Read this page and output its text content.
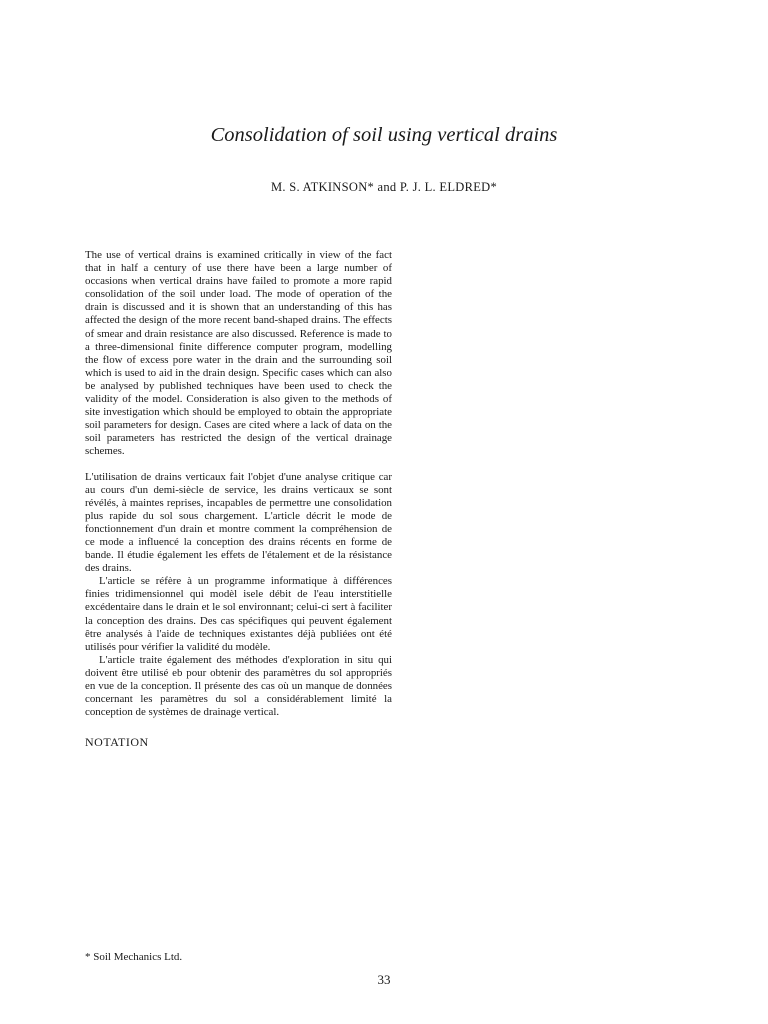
Consolidation of soil using vertical drains
M. S. ATKINSON* and P. J. L. ELDRED*

The use of vertical drains is examined critically in view of the fact that in half a century of use there have been a large number of occasions when vertical drains have failed to promote a more rapid consolidation of the soil under load. The mode of operation of the drain is discussed and it is shown that an understanding of this has affected the design of the more recent band-shaped drains. The effects of smear and drain resistance are also discussed. Reference is made to a three-dimensional finite difference computer program, modelling the flow of excess pore water in the drain and the surrounding soil which is used to aid in the drain design. Specific cases which can also be analysed by published techniques have been used to check the validity of the model. Consideration is also given to the methods of site investigation which should be employed to obtain the appropriate soil parameters for design. Cases are cited where a lack of data on the soil parameters has restricted the design of the vertical drainage schemes.

L'utilisation de drains verticaux fait l'objet d'une analyse critique car au cours d'un demi-siècle de service, les drains verticaux se sont révélés, à maintes reprises, incapables de permettre une consolidation plus rapide du sol sous chargement. L'article décrit le mode de fonctionnement d'un drain et montre comment la compréhension de ce mode a influencé la conception des drains récents en forme de bande. Il étudie également les effets de l'étalement et de la résistance des drains.

L'article se réfère à un programme informatique à différences finies tridimensionnel qui modèl isele débit de l'eau interstitielle excédentaire dans le drain et le sol environnant; celui-ci sert à faciliter la conception des drains. Des cas spécifiques qui peuvent également être analysés à l'aide de techniques existantes déjà publiées ont été utilisés pour vérifier la validité du modèle.

L'article traite également des méthodes d'exploration in situ qui doivent être utilisé eb pour obtenir des paramètres du sol appropriés en vue de la conception. Il présente des cas où un manque de données concernant les paramètres du sol a considérablement limité la conception de systèmes de drainage vertical.

NOTATION
* Soil Mechanics Ltd.
33
